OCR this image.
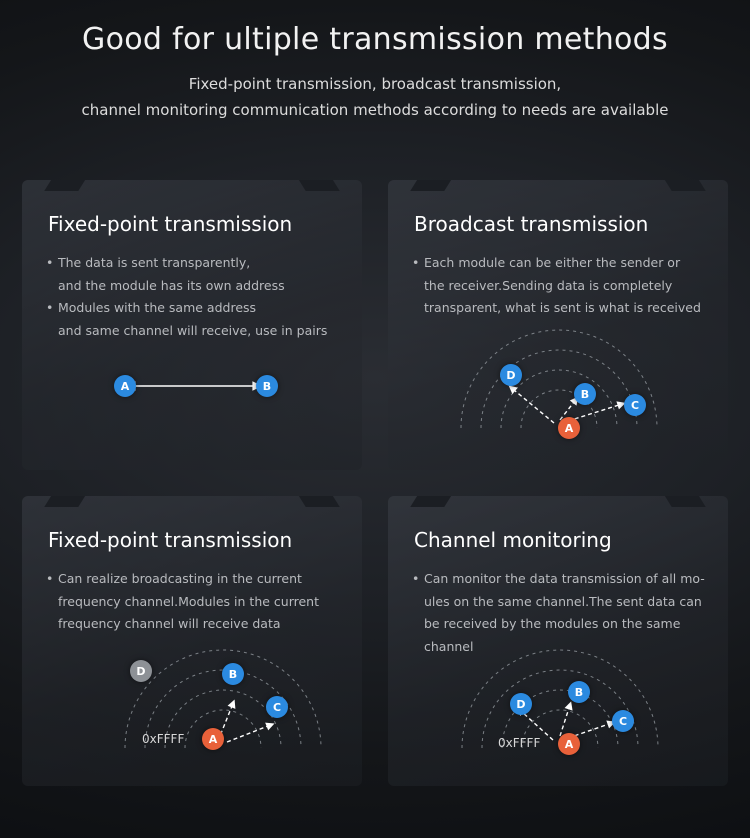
Good for ultiple transmission methods
Fixed-point transmission, broadcast transmission,
channel monitoring communication methods according to needs are available
Fixed-point transmission
• The data is sent transparently,
and the module has its own address
• Modules with the same address
and same channel will receive, use in pairs
A	B
Broadcast transmission
• Each module can be either the sender or
the receiver.Sending data is completely
transparent, what is sent is what is received
D
B
C
A
Fixed-point transmission
• Can realize broadcasting in the current
frequency channel.Modules in the current
frequency channel will receive data
D	B
C
A
0xFFFF
Channel monitoring
• Can monitor the data transmission of all mo-
ules on the same channel.The sent data can
be received by the modules on the same channel
D
B
C
A
0xFFFF
